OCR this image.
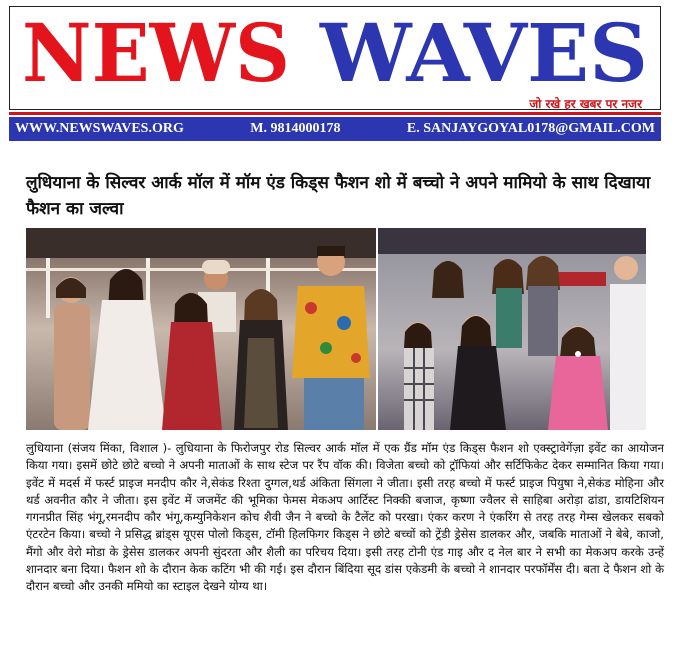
NEWS WAVES
जो रखे हर खबर पर नजर
WWW.NEWSWAVES.ORG	M. 9814000178	E. SANJAYGOYAL0178@GMAIL.COM
लुधियाना के सिल्वर आर्क मॉल में मॉम एंड किड्स फैशन शो में बच्चो ने अपने मामियो के साथ दिखाया फैशन का जल्वा

लुधियाना (संजय मिंका, विशाल )- लुधियाना के फिरोजपुर रोड सिल्वर आर्क मॉल में एक ग्रैंड मॉम एंड किड्स फैशन शो एक्स्ट्रावेगेंज़ा इवेंट का आयोजन किया गया। इसमें छोटे छोटे बच्चो ने अपनी माताओं के साथ स्टेज पर रैंप वॉक की। विजेता बच्चो को ट्रॉफियां और सर्टिफिकेट देकर सम्मानित किया गया। इवेंट में मदर्स में फर्स्ट प्राइज मनदीप कौर ने,सेकंड रिश्ता दुग्गल,थर्ड अंकिता सिंगला ने जीता। इसी तरह बच्चो में फर्स्ट प्राइज पियुषा ने,सेकंड मोहिना और थर्ड अवनीत कौर ने जीता। इस इवेंट में जजमेंट की भूमिका फेमस मेकअप आर्टिस्ट निक्की बजाज, कृष्णा ज्वैलर से साहिबा अरोड़ा ढांडा, डायटिशियन गगनप्रीत सिंह भंगू,रमनदीप कौर भंगू,कम्युनिकेशन कोच शैवी जैन ने बच्चो के टैलेंट को परखा। एंकर करण ने एंकरिंग से तरह तरह गेम्स खेलकर सबको एंटरटेन किया। बच्चो ने प्रसिद्ध ब्रांड्स यूएस पोलो किड्स, टॉमी हिलफिगर किड्स ने छोटे बच्चों को ट्रेंडी ड्रेसेस डालकर और, जबकि माताओं ने बेबे, काजो, मैंगो और वेरो मोडा के ड्रेसेस डालकर अपनी सुंदरता और शैली का परिचय दिया। इसी तरह टोनी एंड गाइ और द नेल बार ने सभी का मेकअप करके उन्हें शानदार बना दिया। फैशन शो के दौरान केक कटिंग भी की गई। इस दौरान बिंदिया सूद डांस एकेडमी के बच्चो ने शानदार परफॉर्मेंस दी। बता दे फैशन शो के दौरान बच्चो और उनकी ममियो का स्टाइल देखने योग्य था।
